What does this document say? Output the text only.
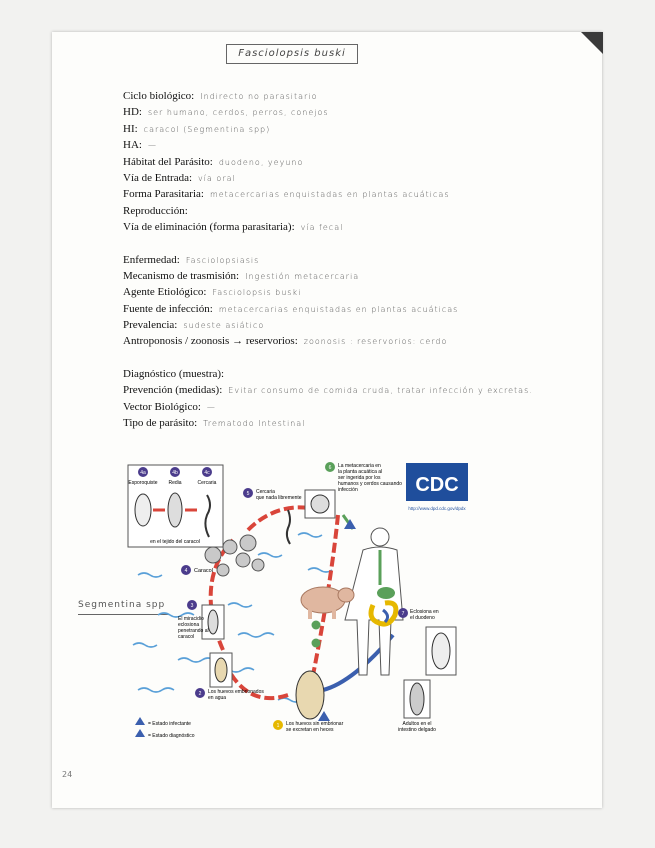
Fasciolopsis buski
Ciclo biológico: Indirecto no parasitario
HD: ser humano, cerdos, perros, conejos
HI: caracol (Segmentina spp)
HA: —
Hábitat del Parásito: duodeno, yeyuno
Vía de Entrada: vía oral
Forma Parasitaria: metacercarias enquistadas en plantas acuáticas
Reproducción:
Vía de eliminación (forma parasitaria): vía fecal
Enfermedad: Fasciolopsiasis
Mecanismo de trasmisión: Ingestión metacercaria
Agente Etiológico: Fasciolopsis buski
Fuente de infección: metacercarias enquistadas en plantas acuáticas
Prevalencia: sudeste asiático
Antroponosis / zoonosis → reservorios: zoonosis : reservorios: cerdo
Diagnóstico (muestra):
Prevención (medidas): Evitar consumo de comida cruda, tratar infección y excretas.
Vector Biológico: —
Tipo de parásito: Trematodo Intestinal
Segmentina spp
4a	4b	4c
Esporoquiste Redia	Cercaria
en el tejido del caracol
4 Caracol
5 Cercaria que nada libremente
6 La metacercaria en la planta acuática al ser ingerida por los humanos y cerdos causando infección	CDC
http://www.dpd.cdc.gov/dpdx
7 Eclosiona en el duodeno
Adultos en el intestino delgado
3
El miracidio eclosiona penetrando al caracol
2 Los huevos embrionados en agua
1 Los huevos sin embrionar se excretan en heces
= Estado infectante
= Estado diagnóstico
24
